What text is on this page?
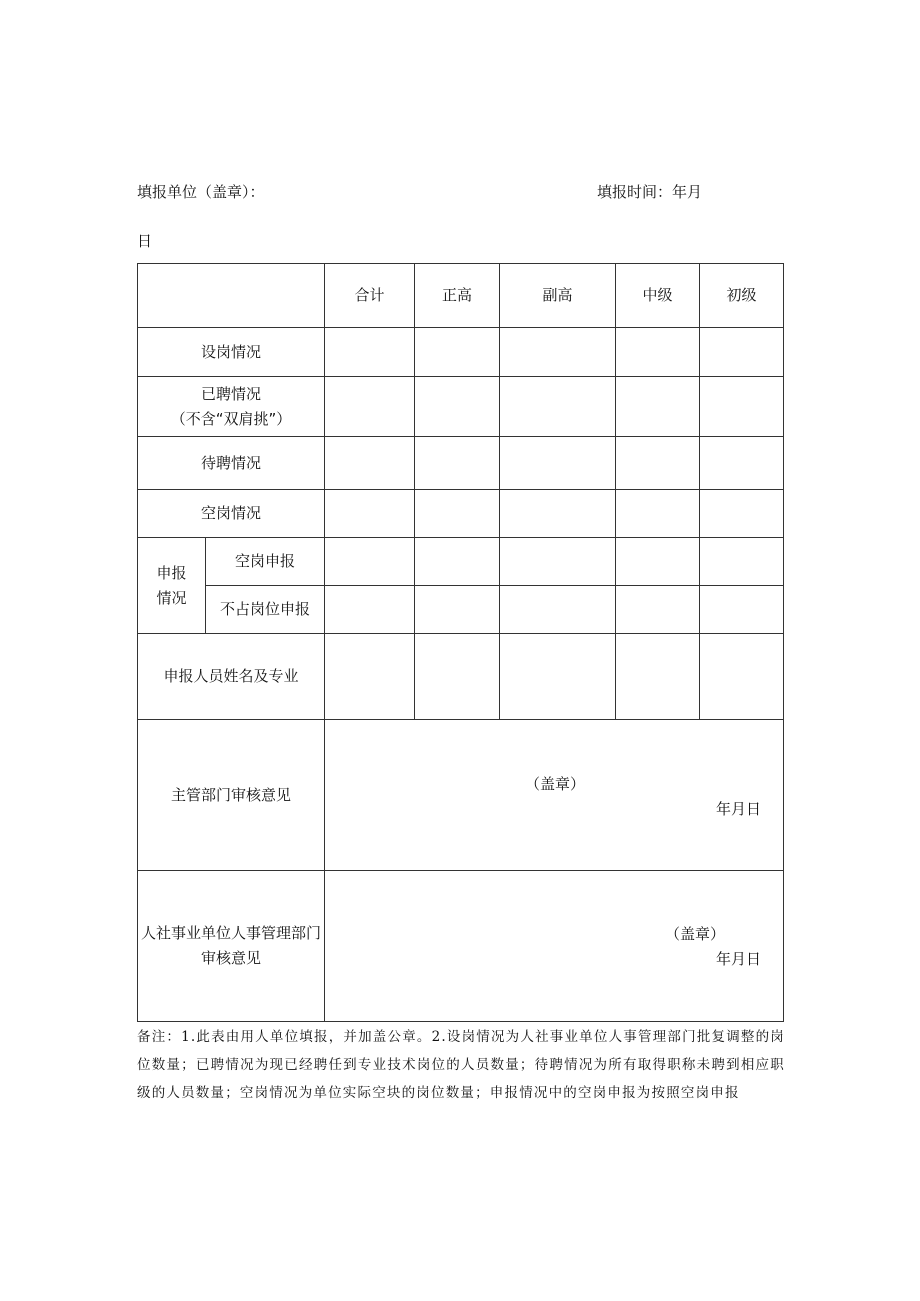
填报单位（盖章）：	填报时间：年月
日
		合计	正高	副高	中级	初级
设岗情况						

已聘情况
（不含“双肩挑”）						

待聘情况						
空岗情况						

申报
情况	空岗申报					
	不占岗位申报					
申报人员姓名及专业						
主管部门审核意见		（盖章）
年月日				

人社事业单位人事管理部门
审核意见		（盖章）
年月日				
备注：1.此表由用人单位填报，并加盖公章。2.设岗情况为人社事业单位人事管理部门批复调整的岗位数量；已聘情况为现已经聘任到专业技术岗位的人员数量；待聘情况为所有取得职称未聘到相应职级的人员数量；空岗情况为单位实际空块的岗位数量；申报情况中的空岗申报为按照空岗申报
